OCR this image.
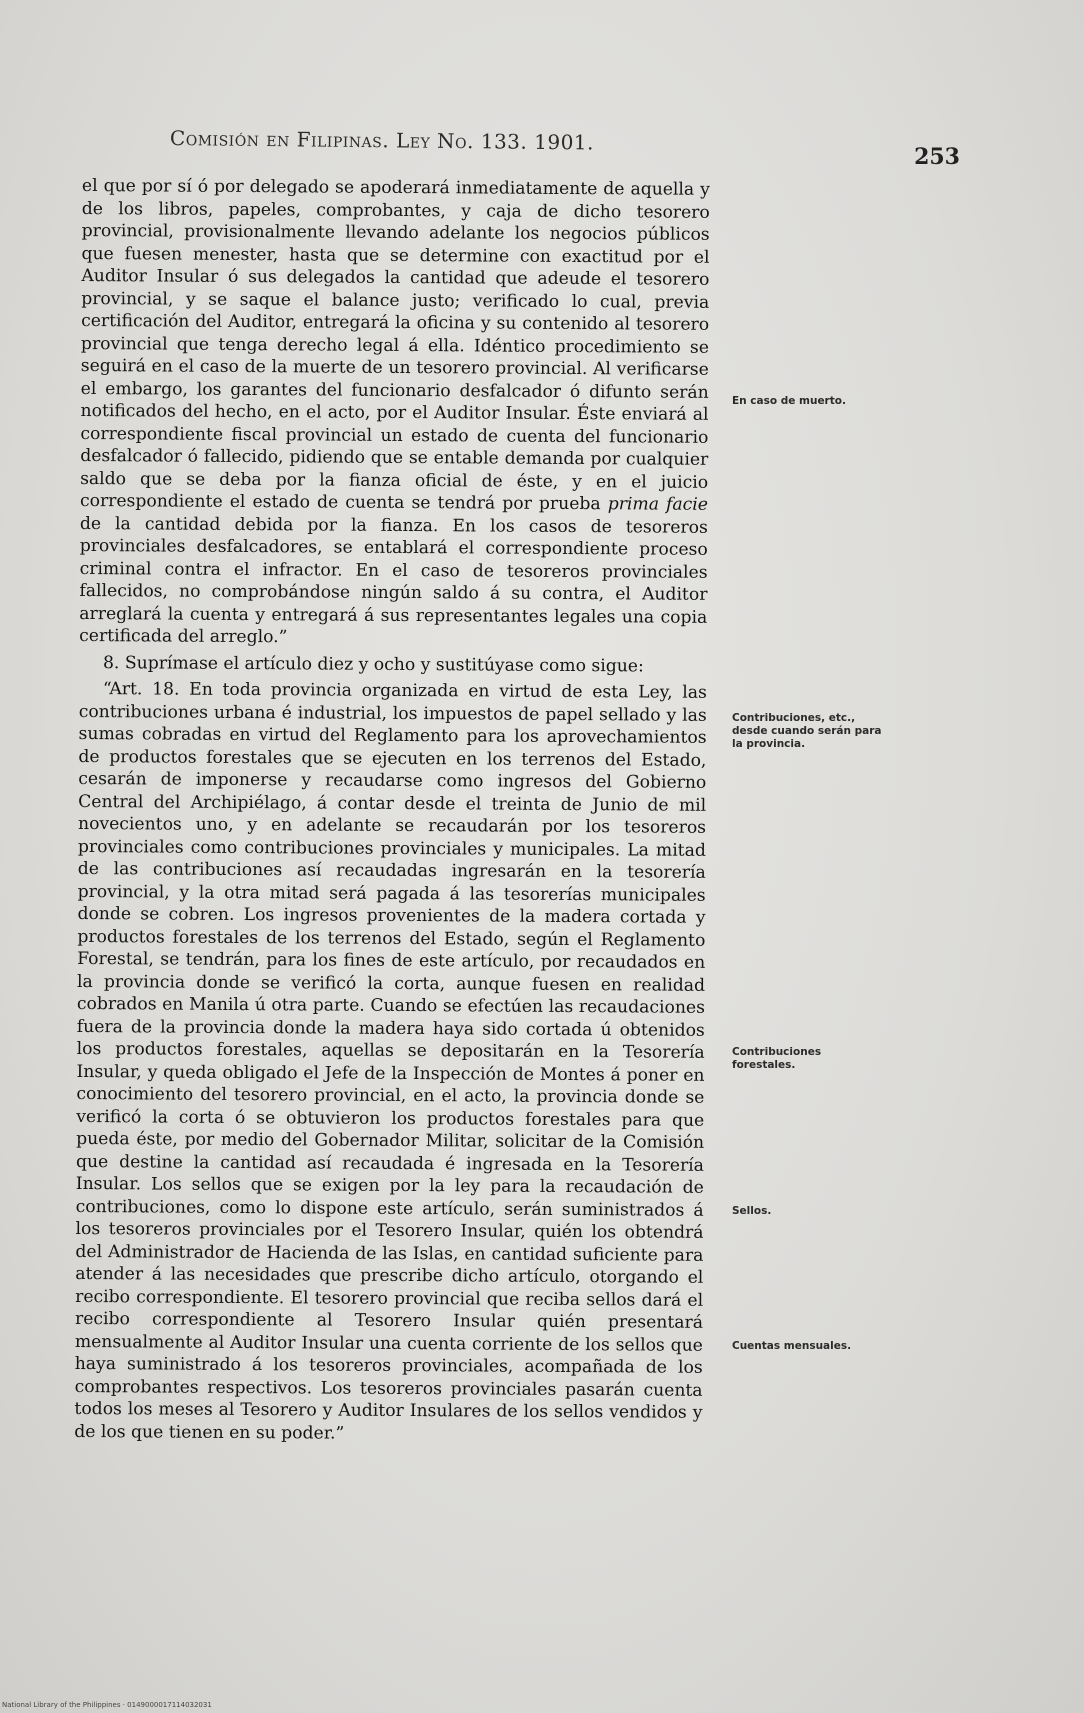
Comisión en Filipinas. Ley No. 133. 1901.
253

el que por sí ó por delegado se apoderará inmediatamente de aquella y de los libros, papeles, comprobantes, y caja de dicho tesorero provincial, provisionalmente llevando adelante los negocios públicos que fuesen menester, hasta que se determine con exactitud por el Auditor Insular ó sus delegados la cantidad que adeude el tesorero provincial, y se saque el balance justo; verificado lo cual, previa certificación del Auditor, entregará la oficina y su contenido al tesorero provincial que tenga derecho legal á ella. Idéntico procedimiento se seguirá en el caso de la muerte de un tesorero provincial. Al verificarse el embargo, los garantes del funcionario desfalcador ó difunto serán notificados del hecho, en el acto, por el Auditor Insular. Éste enviará al correspondiente fiscal provincial un estado de cuenta del funcionario desfalcador ó fallecido, pidiendo que se entable demanda por cualquier saldo que se deba por la fianza oficial de éste, y en el juicio correspondiente el estado de cuenta se tendrá por prueba prima facie de la cantidad debida por la fianza. En los casos de tesoreros provinciales desfalcadores, se entablará el correspondiente proceso criminal contra el infractor. En el caso de tesoreros provinciales fallecidos, no comprobándose ningún saldo á su contra, el Auditor arreglará la cuenta y entregará á sus representantes legales una copia certificada del arreglo.”

8. Suprímase el artículo diez y ocho y sustitúyase como sigue:

“Art. 18. En toda provincia organizada en virtud de esta Ley, las contribuciones urbana é industrial, los impuestos de papel sellado y las sumas cobradas en virtud del Reglamento para los aprovechamientos de productos forestales que se ejecuten en los terrenos del Estado, cesarán de imponerse y recaudarse como ingresos del Gobierno Central del Archipiélago, á contar desde el treinta de Junio de mil novecientos uno, y en adelante se recaudarán por los tesoreros provinciales como contribuciones provinciales y municipales. La mitad de las contribuciones así recaudadas ingresarán en la tesorería provincial, y la otra mitad será pagada á las tesorerías municipales donde se cobren. Los ingresos provenientes de la madera cortada y productos forestales de los terrenos del Estado, según el Reglamento Forestal, se tendrán, para los fines de este artículo, por recaudados en la provincia donde se verificó la corta, aunque fuesen en realidad cobrados en Manila ú otra parte. Cuando se efectúen las recaudaciones fuera de la provincia donde la madera haya sido cortada ú obtenidos los productos forestales, aquellas se depositarán en la Tesorería Insular, y queda obligado el Jefe de la Inspección de Montes á poner en conocimiento del tesorero provincial, en el acto, la provincia donde se verificó la corta ó se obtuvieron los productos forestales para que pueda éste, por medio del Gobernador Militar, solicitar de la Comisión que destine la cantidad así recaudada é ingresada en la Tesorería Insular. Los sellos que se exigen por la ley para la recaudación de contribuciones, como lo dispone este artículo, serán suministrados á los tesoreros provinciales por el Tesorero Insular, quién los obtendrá del Administrador de Hacienda de las Islas, en cantidad suficiente para atender á las necesidades que prescribe dicho artículo, otorgando el recibo correspondiente. El tesorero provincial que reciba sellos dará el recibo correspondiente al Tesorero Insular quién presentará mensualmente al Auditor Insular una cuenta corriente de los sellos que haya suministrado á los tesoreros provinciales, acompañada de los comprobantes respectivos. Los tesoreros provinciales pasarán cuenta todos los meses al Tesorero y Auditor Insulares de los sellos vendidos y de los que tienen en su poder.”

En caso de muerto.
Contribuciones, etc., desde cuando serán para la provincia.
Contribuciones forestales.
Sellos.
Cuentas mensuales.
National Library of the Philippines · 0149000017114032031
